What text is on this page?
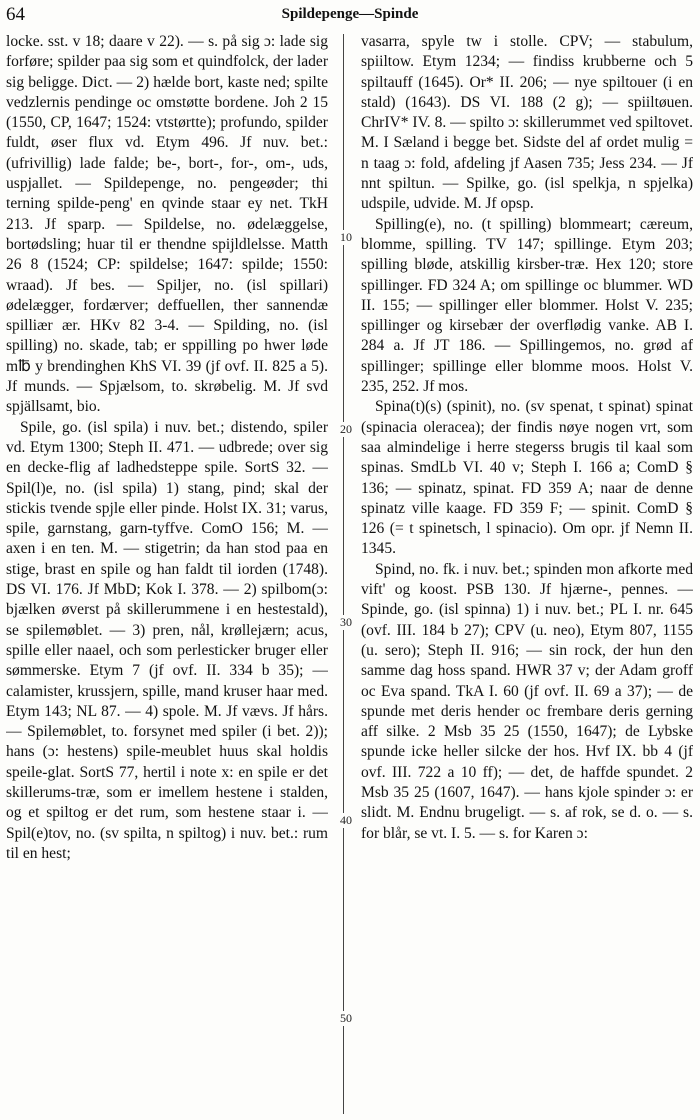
64	Spildepenge—Spinde

locke. sst. v 18; daare v 22). — s. på sig ɔ: lade sig forføre; spilder paa sig som et quindfolck, der lader sig beligge. Dict. — 2) hælde bort, kaste ned; spilte vedzlernis pendinge oc omstøtte bordene. Joh 2 15 (1550, CP, 1647; 1524: vtstørtte); profundo, spilder fuldt, øser flux vd. Etym 496. Jf nuv. bet.: (ufrivillig) lade falde; be-, bort-, for-, om-, uds, uspjallet. — Spildepenge, no. pengeøder; thi terning spilde-peng' en qvinde staar ey net. TkH 213. Jf sparp. — Spildelse, no. ødelæggelse, bortødsling; huar til er thendne spijldlelsse. Matth 26 8 (1524; CP: spildelse; 1647: spilde; 1550: wraad). Jf bes. — Spiljer, no. (isl spillari) ødelægger, fordærver; deffuellen, ther sannendæ spilliær ær. HKv 82 3-4. — Spilding, no. (isl spilling) no. skade, tab; er sppilling po hwer løde m℔ y brendinghen KhS VI. 39 (jf ovf. II. 825 a 5). Jf munds. — Spjælsom, to. skrøbelig. M. Jf svd spjällsamt, bio.

Spile, go. (isl spila) i nuv. bet.; distendo, spiler vd. Etym 1300; Steph II. 471. — udbrede; over sig en decke-flig af ladhedsteppe spile. SortS 32. — Spil(l)e, no. (isl spila) 1) stang, pind; skal der stickis tvende spjle eller pinde. Holst IX. 31; varus, spile, garnstang, garn-tyffve. ComO 156; M. — axen i en ten. M. — stigetrin; da han stod paa en stige, brast en spile og han faldt til iorden (1748). DS VI. 176. Jf MbD; Kok I. 378. — 2) spilbom(ɔ: bjælken øverst på skillerummene i en hestestald), se spilemøblet. — 3) pren, nål, krøllejærn; acus, spille eller naael, och som perlesticker bruger eller sømmerske. Etym 7 (jf ovf. II. 334 b 35); — calamister, krussjern, spille, mand kruser haar med. Etym 143; NL 87. — 4) spole. M. Jf vævs. Jf hårs. — Spilemøblet, to. forsynet med spiler (i bet. 2)); hans (ɔ: hestens) spile-meublet huus skal holdis speile-glat. SortS 77, hertil i note x: en spile er det skillerums-træ, som er imellem hestene i stalden, og et spiltog er det rum, som hestene staar i. — Spil(e)tov, no. (sv spilta, n spiltog) i nuv. bet.: rum til en hest;

vasarra, spyle tw i stolle. CPV; — stabulum, spiiltow. Etym 1234; — findiss krubberne och 5 spiltauff (1645). Or* II. 206; — nye spiltouer (i en stald) (1643). DS VI. 188 (2 g); — spiiltøuen. ChrIV* IV. 8. — spilto ɔ: skillerummet ved spiltovet. M. I Sæland i begge bet. Sidste del af ordet mulig = n taag ɔ: fold, afdeling jf Aasen 735; Jess 234. — Jf nnt spiltun. — Spilke, go. (isl spelkja, n spjelka) udspile, udvide. M. Jf opsp.

Spilling(e), no. (t spilling) blommeart; cæreum, blomme, spilling. TV 147; spillinge. Etym 203; spilling bløde, atskillig kirsber-træ. Hex 120; store spillinger. FD 324 A; om spillinge oc blummer. WD II. 155; — spillinger eller blommer. Holst V. 235; spillinger og kirsebær der overflødig vanke. AB I. 284 a. Jf JT 186. — Spillingemos, no. grød af spillinger; spillinge eller blomme moos. Holst V. 235, 252. Jf mos.

Spina(t)(s) (spinit), no. (sv spenat, t spinat) spinat (spinacia oleracea); der findis nøye nogen vrt, som saa almindelige i herre stegerss brugis til kaal som spinas. SmdLb VI. 40 v; Steph I. 166 a; ComD § 136; — spinatz, spinat. FD 359 A; naar de denne spinatz ville kaage. FD 359 F; — spinit. ComD § 126 (= t spinetsch, l spinacio). Om opr. jf Nemn II. 1345.

Spind, no. fk. i nuv. bet.; spinden mon afkorte med vift' og koost. PSB 130. Jf hjærne-, pennes. — Spinde, go. (isl spinna) 1) i nuv. bet.; PL I. nr. 645 (ovf. III. 184 b 27); CPV (u. neo), Etym 807, 1155 (u. sero); Steph II. 916; — sin rock, der hun den samme dag hoss spand. HWR 37 v; der Adam groff oc Eva spand. TkA I. 60 (jf ovf. II. 69 a 37); — de spunde met deris hender oc frembare deris gerning aff silke. 2 Msb 35 25 (1550, 1647); de Lybske spunde icke heller silcke der hos. Hvf IX. bb 4 (jf ovf. III. 722 a 10 ff); — det, de haffde spundet. 2 Msb 35 25 (1607, 1647). — hans kjole spinder ɔ: er slidt. M. Endnu brugeligt. — s. af rok, se d. o. — s. for blår, se vt. I. 5. — s. for Karen ɔ:

10
20
30
40
50
